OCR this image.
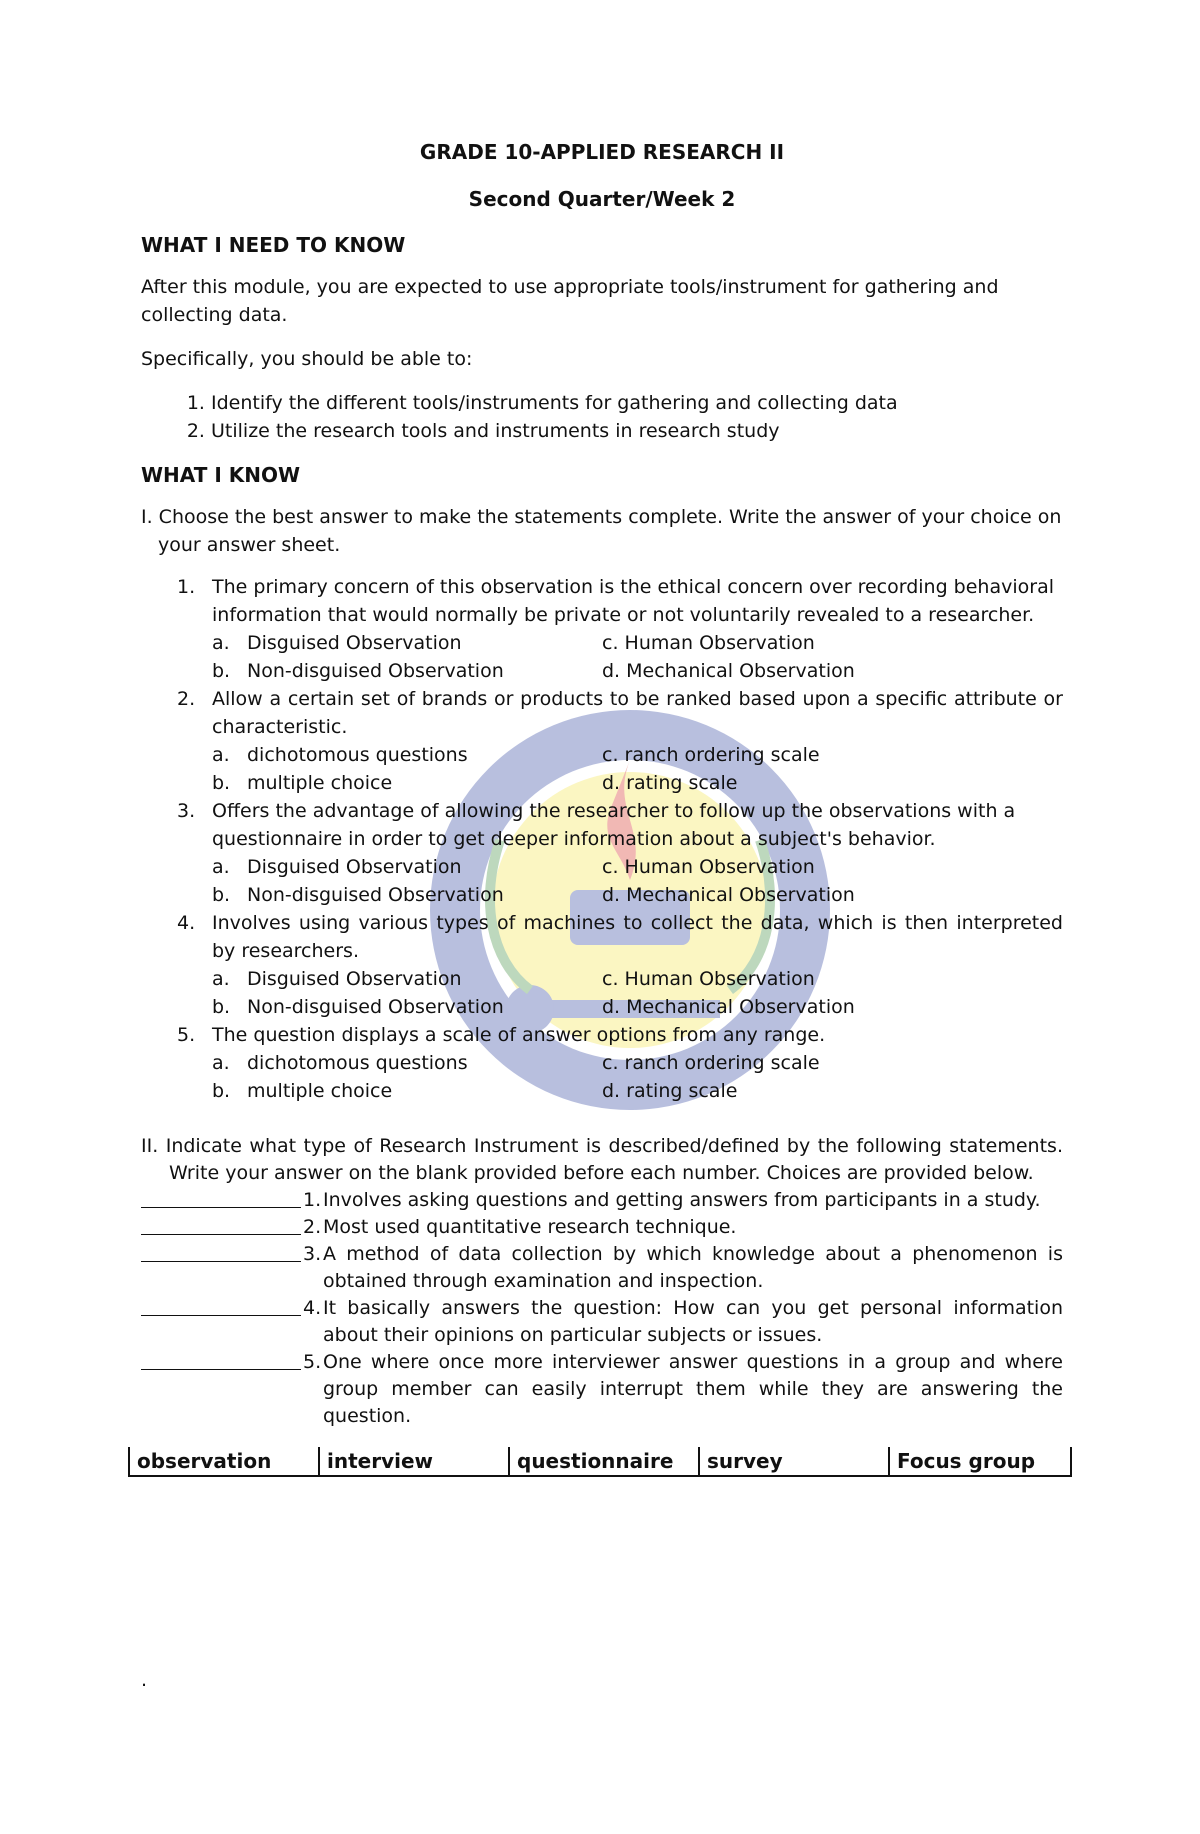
GRADE 10-APPLIED RESEARCH II
Second Quarter/Week 2
WHAT I NEED TO KNOW

After this module, you are expected to use appropriate tools/instrument for gathering and collecting data.

Specifically, you should be able to:

1. Identify the different tools/instruments for gathering and collecting data
2. Utilize the research tools and instruments in research study
WHAT I KNOW
I. Choose the best answer to make the statements complete. Write the answer of your choice on your answer sheet.
1. The primary concern of this observation is the ethical concern over recording behavioral information that would normally be private or not voluntarily revealed to a researcher.
a. Disguised Observation	c. Human Observation
b. Non-disguised Observation	d. Mechanical Observation
2. Allow a certain set of brands or products to be ranked based upon a specific attribute or characteristic.
a. dichotomous questions	c. ranch ordering scale
b. multiple choice	d. rating scale
3. Offers the advantage of allowing the researcher to follow up the observations with a questionnaire in order to get deeper information about a subject's behavior.
a. Disguised Observation	c. Human Observation
b. Non-disguised Observation	d. Mechanical Observation
4. Involves using various types of machines to collect the data, which is then interpreted by researchers.
a. Disguised Observation	c. Human Observation
b. Non-disguised Observation	d. Mechanical Observation
5. The question displays a scale of answer options from any range.
a. dichotomous questions	c. ranch ordering scale
b. multiple choice	d. rating scale
II. Indicate what type of Research Instrument is described/defined by the following statements. Write your answer on the blank provided before each number. Choices are provided below.
1. Involves asking questions and getting answers from participants in a study.
2. Most used quantitative research technique.
3. A method of data collection by which knowledge about a phenomenon is obtained through examination and inspection.
4. It basically answers the question: How can you get personal information about their opinions on particular subjects or issues.
5. One where once more interviewer answer questions in a group and where group member can easily interrupt them while they are answering the question.
observation	interview	questionnaire	survey	Focus group
.
